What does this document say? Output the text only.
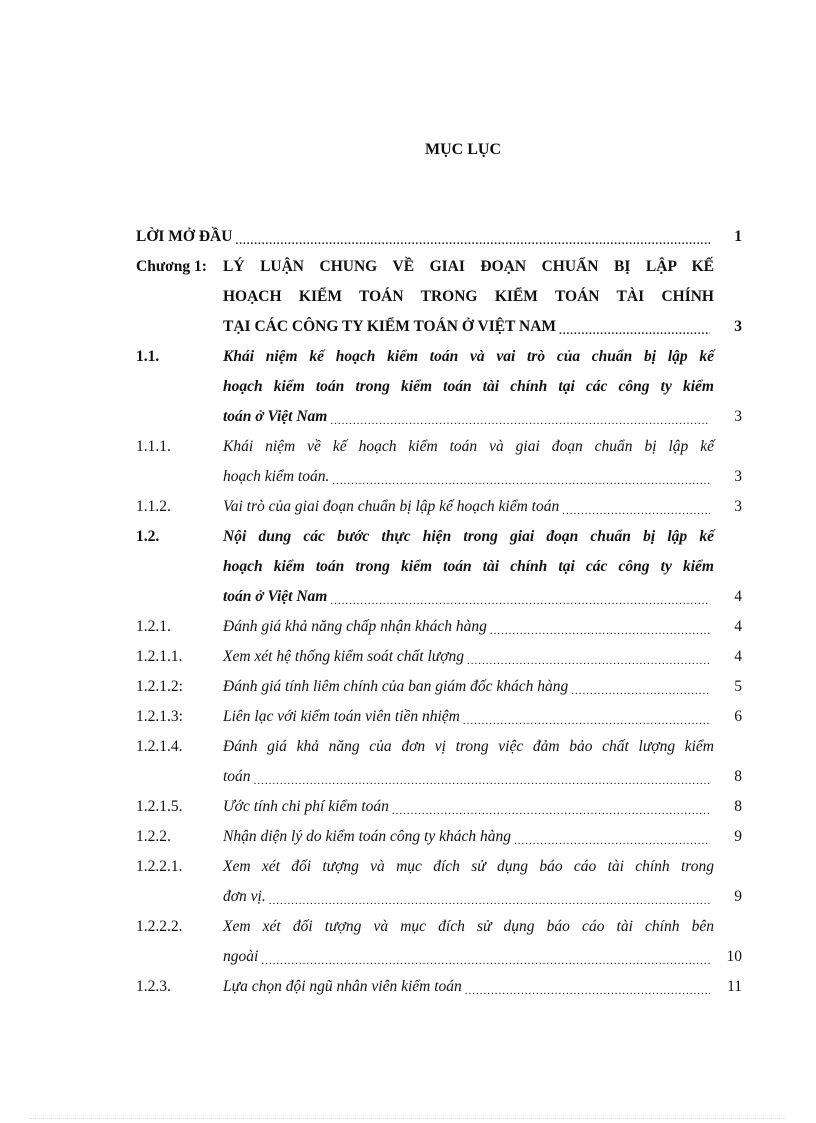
MỤC LỤC
LỜI MỞ ĐẦU .....	1
Chương 1:	LÝ LUẬN CHUNG VỀ GIAI ĐOẠN CHUẨN BỊ LẬP KẾ
HOẠCH KIỂM TOÁN TRONG KIỂM TOÁN TÀI CHÍNH
TẠI CÁC CÔNG TY KIỂM TOÁN Ở VIỆT NAM .....	3
1.1.	Khái niệm kế hoạch kiểm toán và vai trò của chuẩn bị lập kế
hoạch kiểm toán trong kiểm toán tài chính tại các công ty kiểm
toán ở Việt Nam .....	3
1.1.1.	Khái niệm về kế hoạch kiểm toán và giai đoạn chuẩn bị lập kế
hoạch kiểm toán. .....	3
1.1.2.	Vai trò của giai đoạn chuẩn bị lập kế hoạch kiểm toán .....	3
1.2.	Nội dung các bước thực hiện trong giai đoạn chuẩn bị lập kế
hoạch kiểm toán trong kiểm toán tài chính tại các công ty kiểm
toán ở Việt Nam .....	4
1.2.1.	Đánh giá khả năng chấp nhận khách hàng .....	4
1.2.1.1.	Xem xét hệ thống kiểm soát chất lượng .....	4
1.2.1.2:	Đánh giá tính liêm chính của ban giám đốc khách hàng .....	5
1.2.1.3:	Liên lạc với kiểm toán viên tiền nhiệm .....	6
1.2.1.4.	Đánh giá khả năng của đơn vị trong việc đảm bảo chất lượng kiểm
toán .....	8
1.2.1.5.	Ước tính chi phí kiểm toán .....	8
1.2.2.	Nhận diện lý do kiểm toán công ty khách hàng .....	9
1.2.2.1.	Xem xét đối tượng và mục đích sử dụng báo cáo tài chính trong
đơn vị. .....	9
1.2.2.2.	Xem xét đối tượng và mục đích sử dụng báo cáo tài chính bên
ngoài .....	10
1.2.3.	Lựa chọn đội ngũ nhân viên kiểm toán .....	11
